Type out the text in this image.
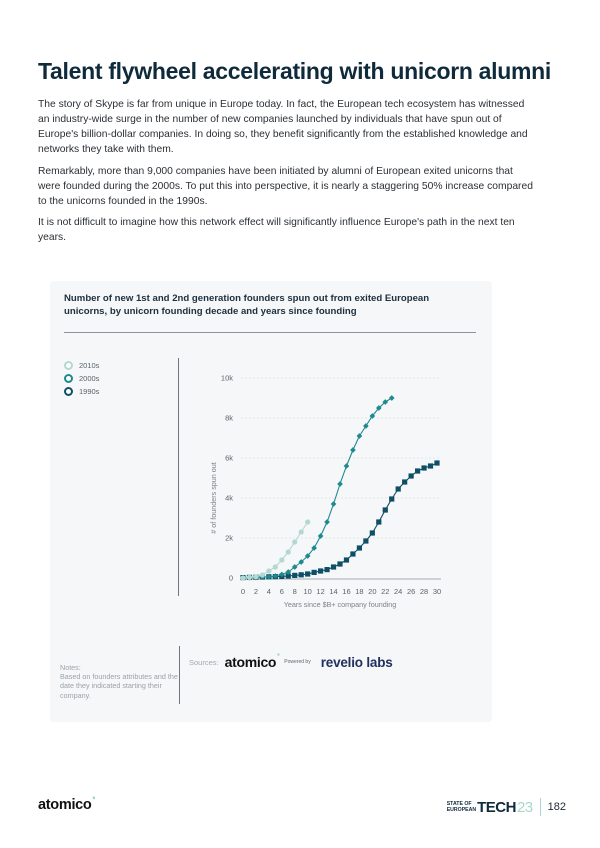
Talent flywheel accelerating with unicorn alumni

The story of Skype is far from unique in Europe today. In fact, the European tech ecosystem has witnessed an industry-wide surge in the number of new companies launched by individuals that have spun out of Europe's billion-dollar companies. In doing so, they benefit significantly from the established knowledge and networks they take with them.

Remarkably, more than 9,000 companies have been initiated by alumni of European exited unicorns that were founded during the 2000s. To put this into perspective, it is nearly a staggering 50% increase compared to the unicorns founded in the 1990s.

It is not difficult to imagine how this network effect will significantly influence Europe's path in the next ten years.

Number of new 1st and 2nd generation founders spun out from exited European unicorns, by unicorn founding decade and years since founding

2010s
2000s
1990s
0
2k
4k
6k
8k
10k
0 2 4 6 8 10 12 14 16 18 20 22 24 26 28 30
Years since $B+ company founding
# of founders spun out
Notes:
Based on founders attributes and the date they indicated starting their company.
Sources: atomico°
Powered by revelio labs
atomico°	STATE OF
EUROPEAN TECH 23 182
